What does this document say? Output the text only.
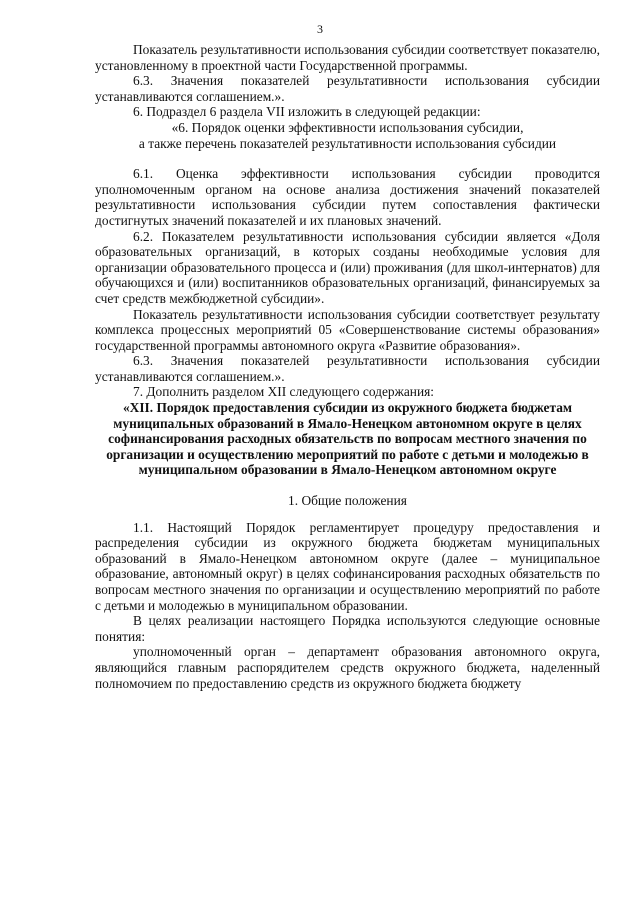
3

Показатель результативности использования субсидии соответствует показателю, установленному в проектной части Государственной программы.

6.3. Значения показателей результативности использования субсидии устанавливаются соглашением.».

6. Подраздел 6 раздела VII изложить в следующей редакции:

«6. Порядок оценки эффективности использования субсидии,

а также перечень показателей результативности использования субсидии

6.1. Оценка эффективности использования субсидии проводится уполномоченным органом на основе анализа достижения значений показателей результативности использования субсидии путем сопоставления фактически достигнутых значений показателей и их плановых значений.

6.2. Показателем результативности использования субсидии является «Доля образовательных организаций, в которых созданы необходимые условия для организации образовательного процесса и (или) проживания (для школ-интернатов) для обучающихся и (или) воспитанников образовательных организаций, финансируемых за счет средств межбюджетной субсидии».

Показатель результативности использования субсидии соответствует результату комплекса процессных мероприятий 05 «Совершенствование системы образования» государственной программы автономного округа «Развитие образования».

6.3. Значения показателей результативности использования субсидии устанавливаются соглашением.».

7. Дополнить разделом XII следующего содержания:

«XII. Порядок предоставления субсидии из окружного бюджета бюджетам муниципальных образований в Ямало-Ненецком автономном округе в целях софинансирования расходных обязательств по вопросам местного значения по организации и осуществлению мероприятий по работе с детьми и молодежью в муниципальном образовании в Ямало-Ненецком автономном округе

1. Общие положения

1.1. Настоящий Порядок регламентирует процедуру предоставления и распределения субсидии из окружного бюджета бюджетам муниципальных образований в Ямало-Ненецком автономном округе (далее – муниципальное образование, автономный округ) в целях софинансирования расходных обязательств по вопросам местного значения по организации и осуществлению мероприятий по работе с детьми и молодежью в муниципальном образовании.

В целях реализации настоящего Порядка используются следующие основные понятия:

уполномоченный орган – департамент образования автономного округа, являющийся главным распорядителем средств окружного бюджета, наделенный полномочием по предоставлению средств из окружного бюджета бюджету
